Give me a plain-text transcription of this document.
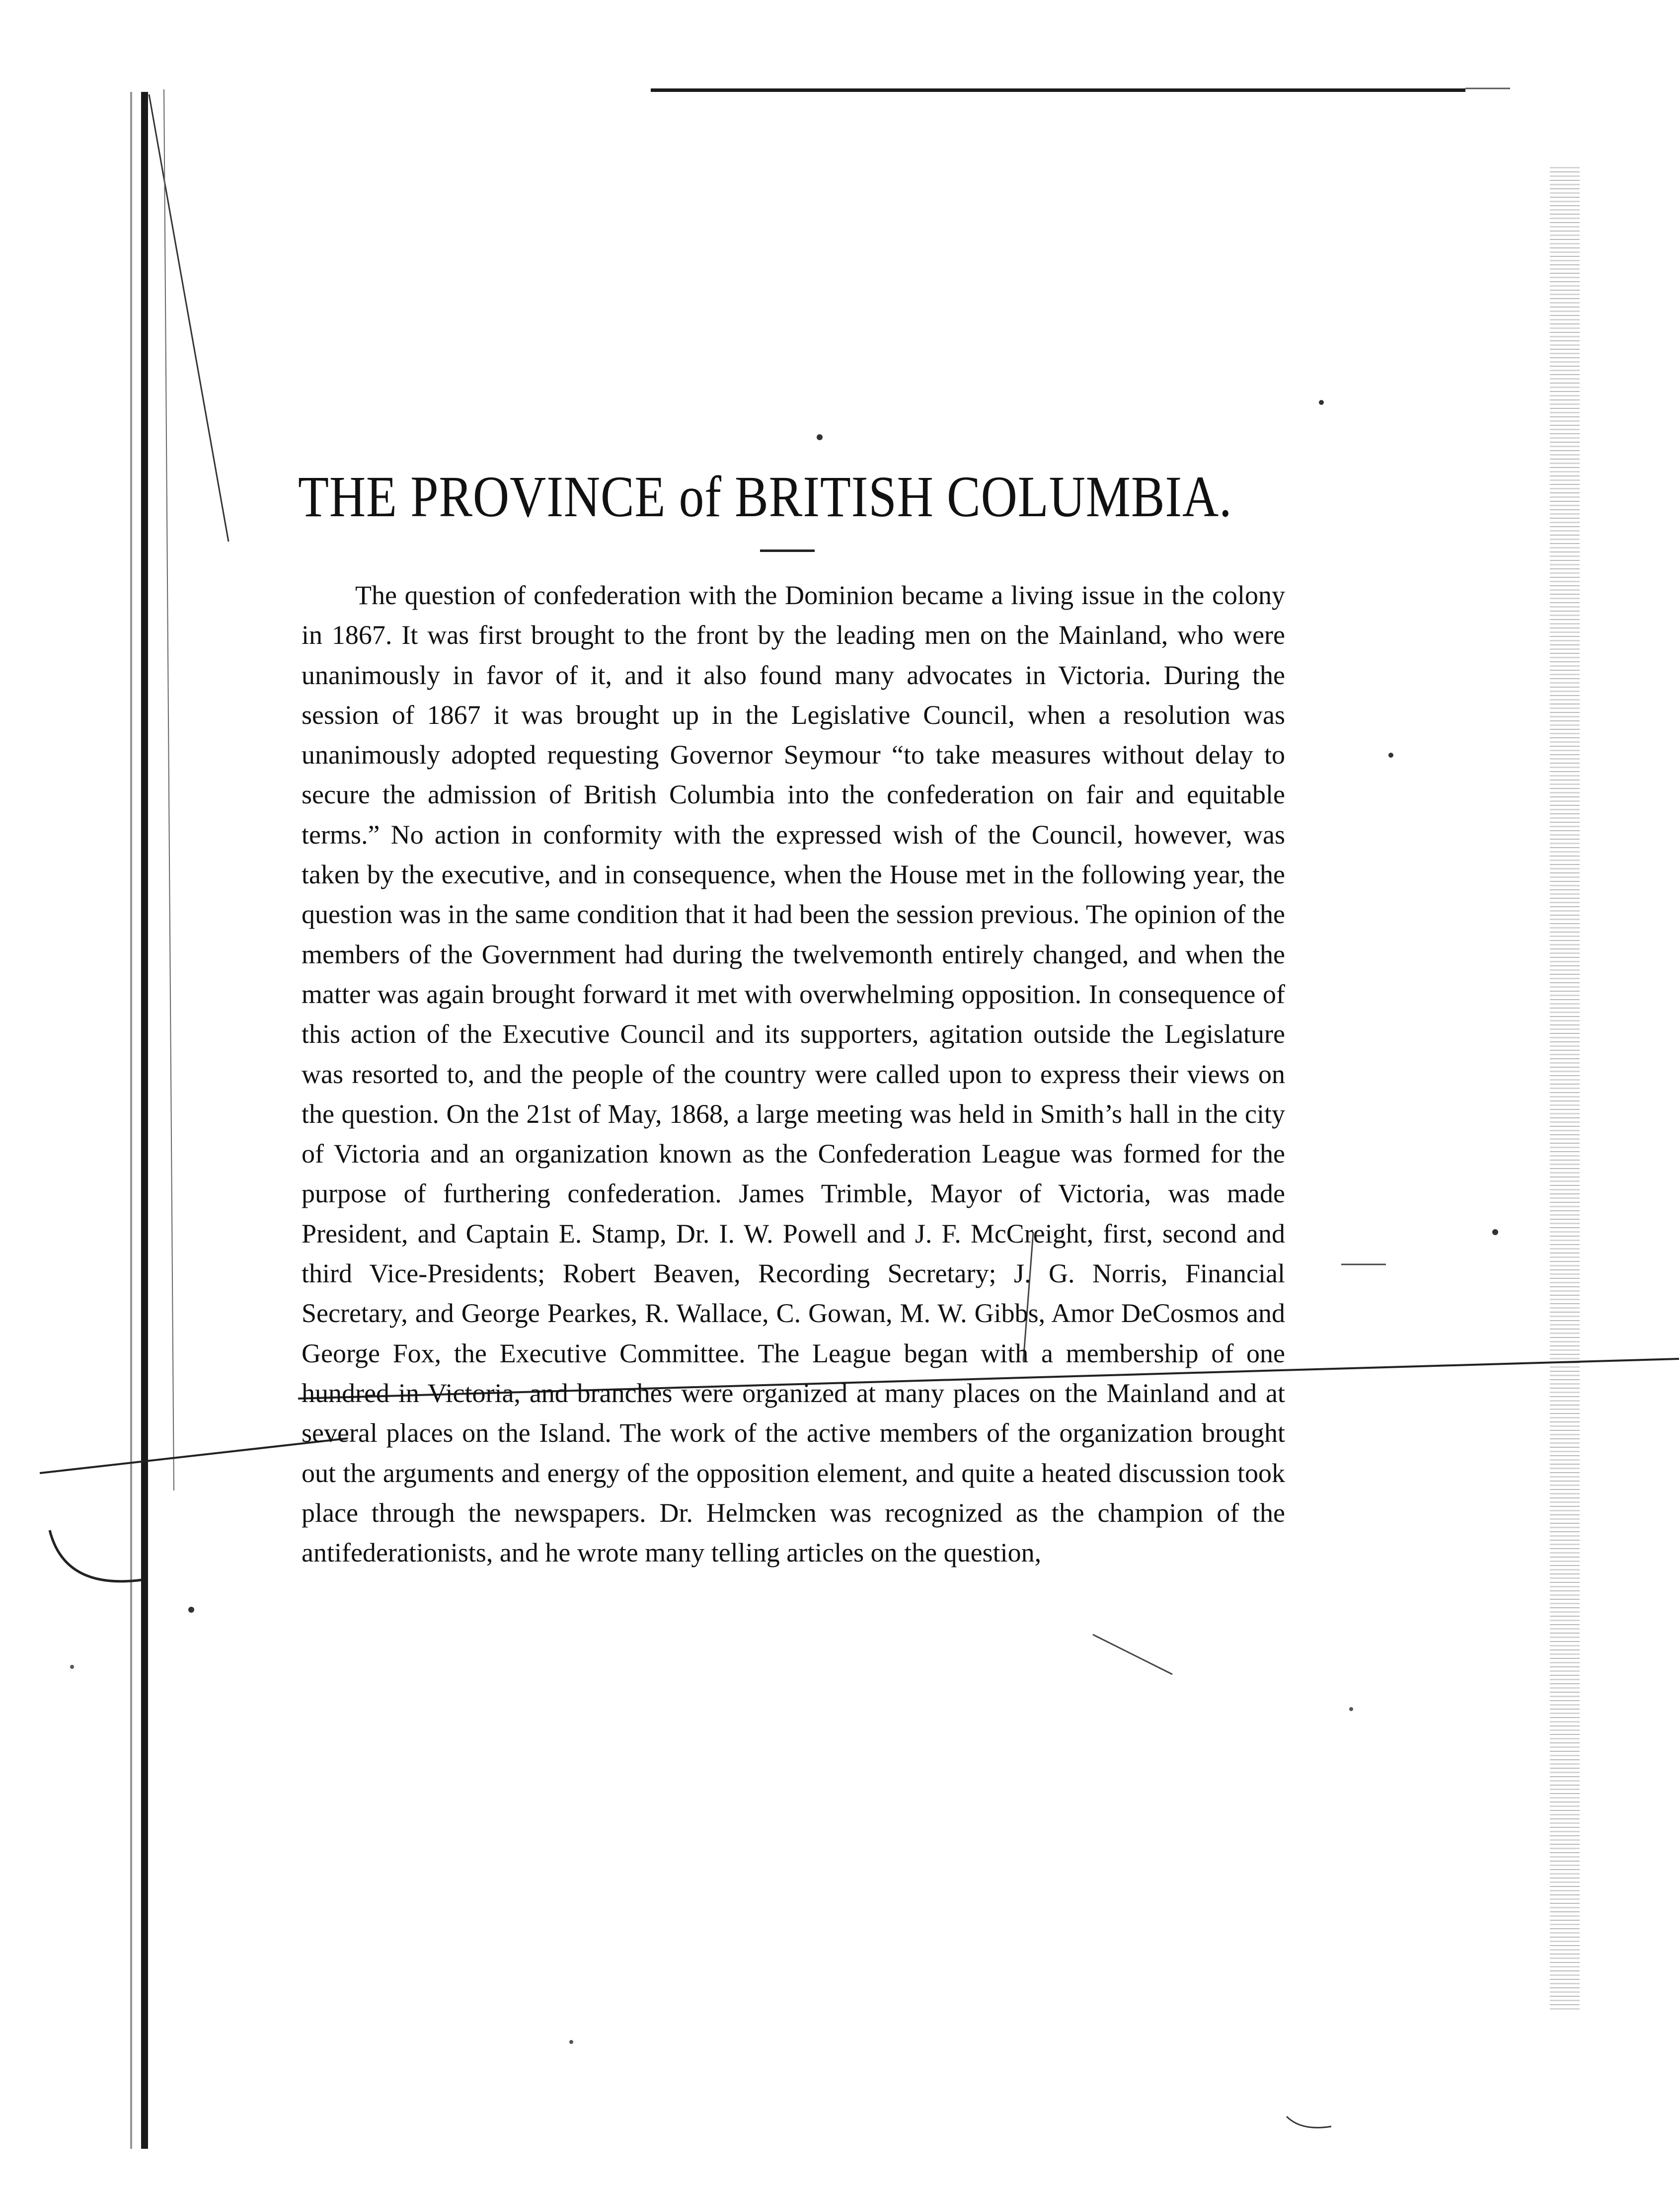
THE PROVINCE of BRITISH COLUMBIA.

The question of confederation with the Dominion became a living issue in the colony in 1867. It was first brought to the front by the leading men on the Mainland, who were unanimously in favor of it, and it also found many advocates in Victoria. During the session of 1867 it was brought up in the Legislative Council, when a resolution was unanimously adopted requesting Governor Seymour “to take measures without delay to secure the admission of British Columbia into the confederation on fair and equitable terms.” No action in conformity with the expressed wish of the Council, however, was taken by the executive, and in consequence, when the House met in the following year, the question was in the same condition that it had been the session previous. The opinion of the members of the Government had during the twelvemonth entirely changed, and when the matter was again brought forward it met with overwhelming opposition. In consequence of this action of the Executive Council and its supporters, agitation outside the Legislature was resorted to, and the people of the country were called upon to express their views on the question. On the 21st of May, 1868, a large meeting was held in Smith’s hall in the city of Victoria and an organization known as the Confederation League was formed for the purpose of furthering confederation. James Trimble, Mayor of Victoria, was made President, and Captain E. Stamp, Dr. I. W. Powell and J. F. McCreight, first, second and third Vice-Presidents; Robert Beaven, Recording Secretary; J. G. Norris, Financial Secretary, and George Pearkes, R. Wallace, C. Gowan, M. W. Gibbs, Amor DeCosmos and George Fox, the Executive Committee. The League began with a membership of one hundred in Victoria, and branches were organized at many places on the Mainland and at several places on the Island. The work of the active members of the organization brought out the arguments and energy of the opposition element, and quite a heated discussion took place through the newspapers. Dr. Helmcken was recognized as the champion of the antifederationists, and he wrote many telling articles on the question,
